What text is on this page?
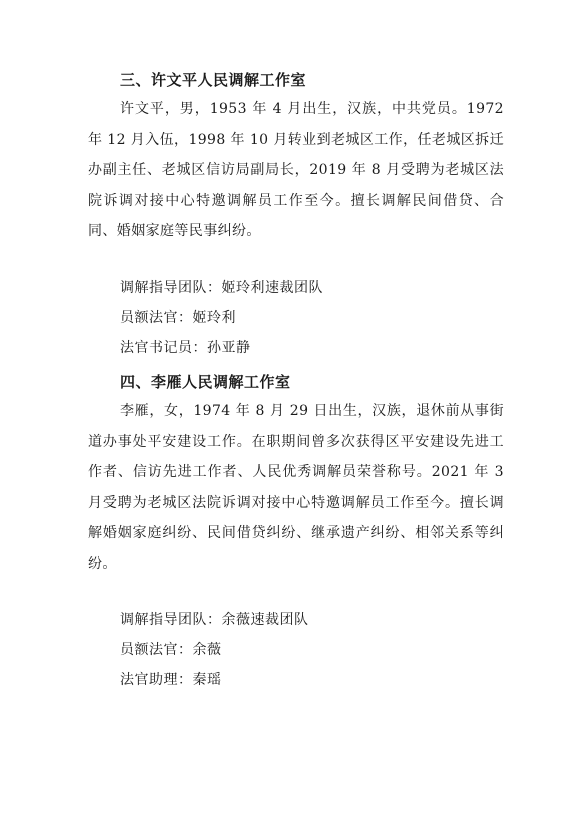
三、许文平人民调解工作室

许文平，男，1953 年 4 月出生，汉族，中共党员。1972 年 12 月入伍，1998 年 10 月转业到老城区工作，任老城区拆迁办副主任、老城区信访局副局长，2019 年 8 月受聘为老城区法院诉调对接中心特邀调解员工作至今。擅长调解民间借贷、合同、婚姻家庭等民事纠纷。

调解指导团队：姬玲利速裁团队
员额法官：姬玲利
法官书记员：孙亚静
四、李雁人民调解工作室

李雁，女，1974 年 8 月 29 日出生，汉族，退休前从事街道办事处平安建设工作。在职期间曾多次获得区平安建设先进工作者、信访先进工作者、人民优秀调解员荣誉称号。2021 年 3 月受聘为老城区法院诉调对接中心特邀调解员工作至今。擅长调解婚姻家庭纠纷、民间借贷纠纷、继承遗产纠纷、相邻关系等纠纷。

调解指导团队：余薇速裁团队
员额法官：余薇
法官助理：秦瑶
